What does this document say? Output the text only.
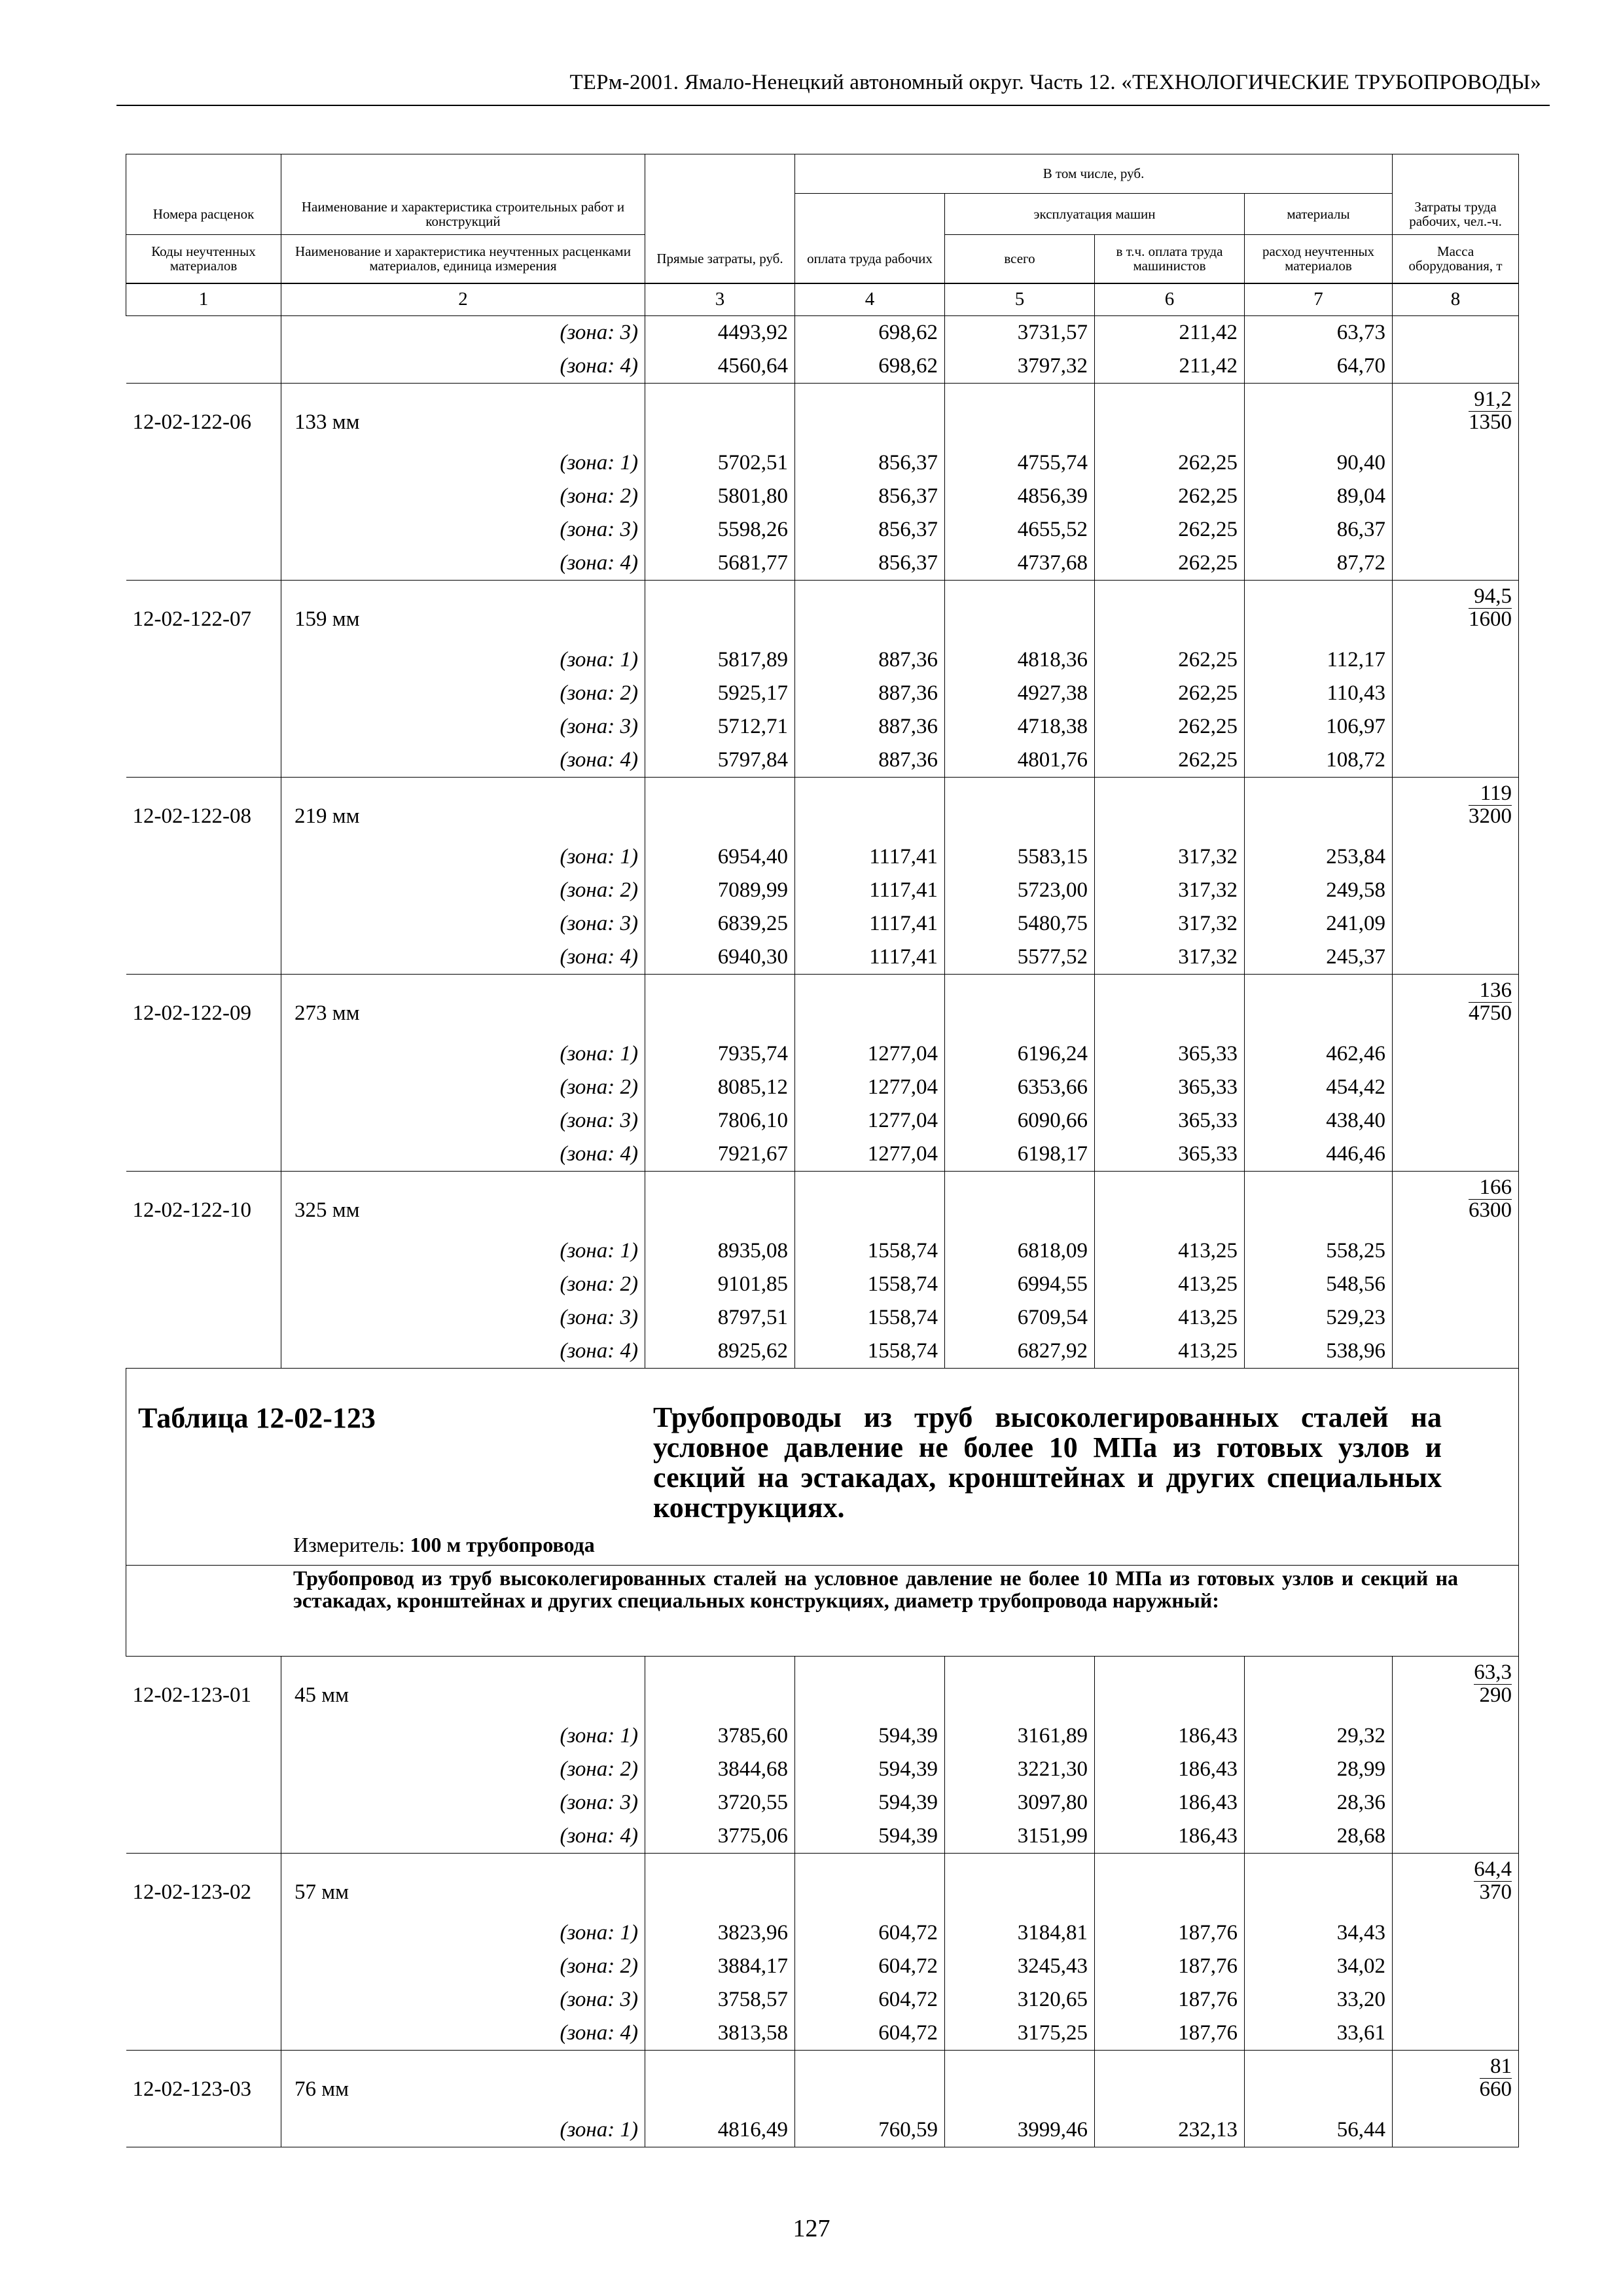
ТЕРм-2001. Ямало-Ненецкий автономный округ. Часть 12. «ТЕХНОЛОГИЧЕСКИЕ ТРУБОПРОВОДЫ»
			В том числе, руб.				
Номера расценок	Наименование и характеристика строительных работ и конструкций			эксплуатация машин		материалы	Затраты труда рабочих, чел.-ч.
Коды неучтенных материалов	Наименование и характеристика неучтенных расценками материалов, единица измерения	Прямые затраты, руб.	оплата труда рабочих	всего	в т.ч. оплата труда машинистов	расход неучтенных материалов	Масса оборудования, т
1	2	3	4	5	6	7	8
	(зона: 3)	4493,92	698,62	3731,57	211,42	63,73	
	(зона: 4)	4560,64	698,62	3797,32	211,42	64,70	
12-02-122-06	133 мм						$\frac{91,2}{1350}$

	(зона: 1)	5702,51	856,37	4755,74	262,25	90,40	
	(зона: 2)	5801,80	856,37	4856,39	262,25	89,04	
	(зона: 3)	5598,26	856,37	4655,52	262,25	86,37	
	(зона: 4)	5681,77	856,37	4737,68	262,25	87,72	
12-02-122-07	159 мм						$\frac{94,5}{1600}$

	(зона: 1)	5817,89	887,36	4818,36	262,25	112,17	
	(зона: 2)	5925,17	887,36	4927,38	262,25	110,43	
	(зона: 3)	5712,71	887,36	4718,38	262,25	106,97	
	(зона: 4)	5797,84	887,36	4801,76	262,25	108,72	
12-02-122-08	219 мм						$\frac{119}{3200}$

	(зона: 1)	6954,40	1117,41	5583,15	317,32	253,84	
	(зона: 2)	7089,99	1117,41	5723,00	317,32	249,58	
	(зона: 3)	6839,25	1117,41	5480,75	317,32	241,09	
	(зона: 4)	6940,30	1117,41	5577,52	317,32	245,37	
12-02-122-09	273 мм						$\frac{136}{4750}$

	(зона: 1)	7935,74	1277,04	6196,24	365,33	462,46	
	(зона: 2)	8085,12	1277,04	6353,66	365,33	454,42	
	(зона: 3)	7806,10	1277,04	6090,66	365,33	438,40	
	(зона: 4)	7921,67	1277,04	6198,17	365,33	446,46	
12-02-122-10	325 мм						$\frac{166}{6300}$

	(зона: 1)	8935,08	1558,74	6818,09	413,25	558,25	
	(зона: 2)	9101,85	1558,74	6994,55	413,25	548,56	
	(зона: 3)	8797,51	1558,74	6709,54	413,25	529,23	
	(зона: 4)	8925,62	1558,74	6827,92	413,25	538,96	

Таблица 12-02-123 Трубопроводы из труб высоколегированных сталей на условное давление не более 10 МПа из готовых узлов и секций на эстакадах, кронштейнах и других специальных конструкциях.
Измеритель: 100 м трубопровода							

Трубопровод из труб высоколегированных сталей на условное давление не более 10 МПа из готовых узлов и секций на эстакадах, кронштейнах и других специальных конструкциях, диаметр трубопровода наружный:							

12-02-123-01	45 мм						$\frac{63,3}{290}$

	(зона: 1)	3785,60	594,39	3161,89	186,43	29,32	
	(зона: 2)	3844,68	594,39	3221,30	186,43	28,99	
	(зона: 3)	3720,55	594,39	3097,80	186,43	28,36	
	(зона: 4)	3775,06	594,39	3151,99	186,43	28,68	
12-02-123-02	57 мм						$\frac{64,4}{370}$

	(зона: 1)	3823,96	604,72	3184,81	187,76	34,43	
	(зона: 2)	3884,17	604,72	3245,43	187,76	34,02	
	(зона: 3)	3758,57	604,72	3120,65	187,76	33,20	
	(зона: 4)	3813,58	604,72	3175,25	187,76	33,61	
12-02-123-03	76 мм						$\frac{81}{660}$

	(зона: 1)	4816,49	760,59	3999,46	232,13	56,44	
127
